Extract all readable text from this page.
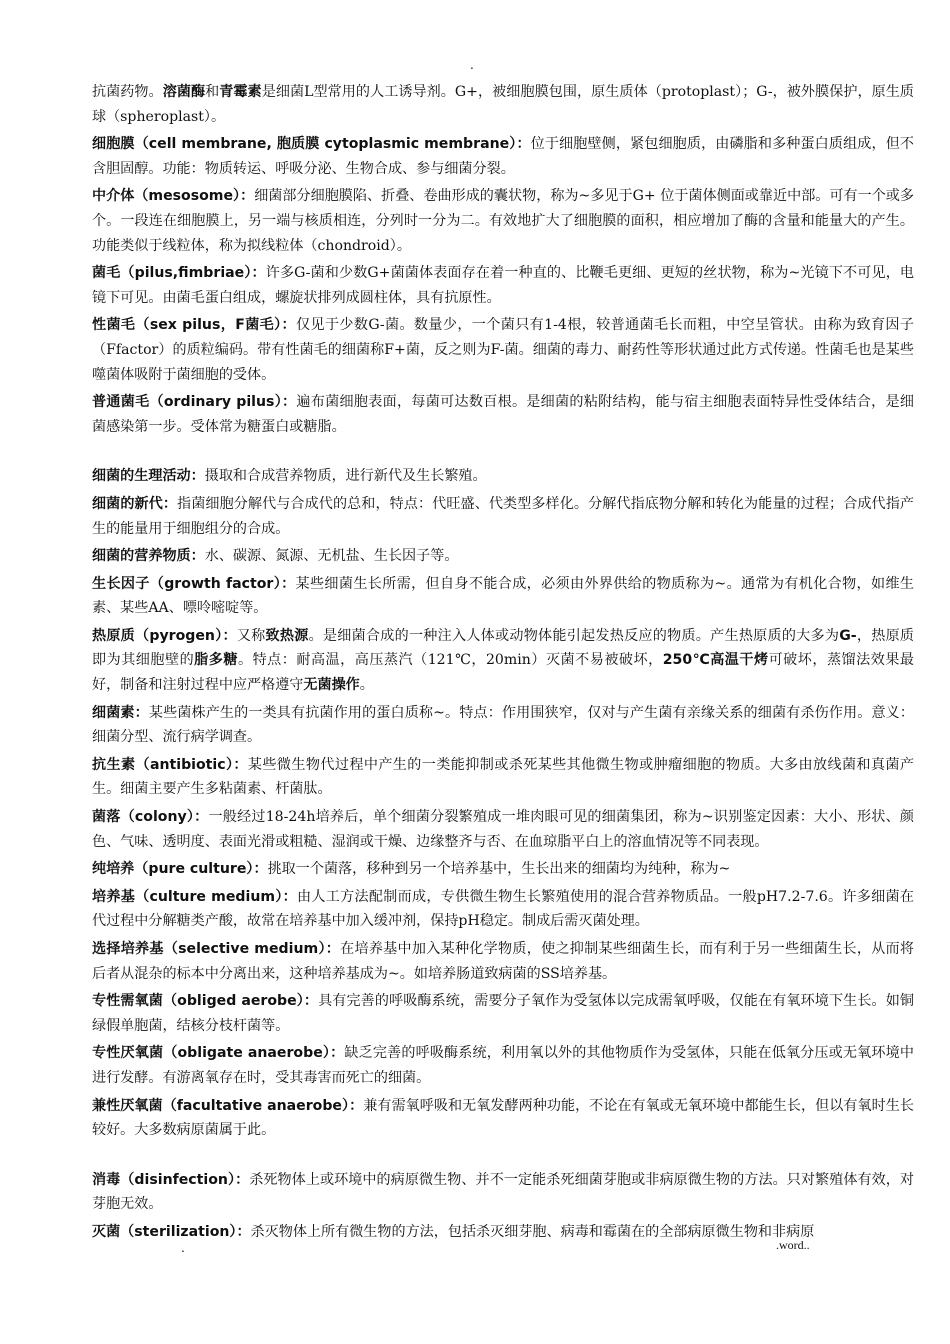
.

抗菌药物。溶菌酶和青霉素是细菌L型常用的人工诱导剂。G+，被细胞膜包围，原生质体（protoplast）；G-，被外膜保护，原生质球（spheroplast）。

细胞膜（cell membrane, 胞质膜 cytoplasmic membrane）：位于细胞壁侧，紧包细胞质，由磷脂和多种蛋白质组成，但不含胆固醇。功能：物质转运、呼吸分泌、生物合成、参与细菌分裂。

中介体（mesosome）：细菌部分细胞膜陷、折叠、卷曲形成的囊状物，称为~多见于G+ 位于菌体侧面或靠近中部。可有一个或多个。一段连在细胞膜上，另一端与核质相连，分列时一分为二。有效地扩大了细胞膜的面积，相应增加了酶的含量和能量大的产生。功能类似于线粒体，称为拟线粒体（chondroid）。

菌毛（pilus,fimbriae）：许多G-菌和少数G+菌菌体表面存在着一种直的、比鞭毛更细、更短的丝状物，称为~光镜下不可见，电镜下可见。由菌毛蛋白组成，螺旋状排列成圆柱体，具有抗原性。

性菌毛（sex pilus，F菌毛）：仅见于少数G-菌。数量少，一个菌只有1-4根，较普通菌毛长而粗，中空呈管状。由称为致育因子（Ffactor）的质粒编码。带有性菌毛的细菌称F+菌，反之则为F-菌。细菌的毒力、耐药性等形状通过此方式传递。性菌毛也是某些噬菌体吸附于菌细胞的受体。

普通菌毛（ordinary pilus）：遍布菌细胞表面，每菌可达数百根。是细菌的粘附结构，能与宿主细胞表面特异性受体结合，是细菌感染第一步。受体常为糖蛋白或糖脂。

细菌的生理活动：摄取和合成营养物质，进行新代及生长繁殖。

细菌的新代：指菌细胞分解代与合成代的总和，特点：代旺盛、代类型多样化。分解代指底物分解和转化为能量的过程；合成代指产生的能量用于细胞组分的合成。

细菌的营养物质：水、碳源、氮源、无机盐、生长因子等。

生长因子（growth factor）：某些细菌生长所需，但自身不能合成，必须由外界供给的物质称为~。通常为有机化合物，如维生素、某些AA、嘌呤嘧啶等。

热原质（pyrogen）：又称致热源。是细菌合成的一种注入人体或动物体能引起发热反应的物质。产生热原质的大多为G-，热原质即为其细胞壁的脂多糖。特点：耐高温，高压蒸汽（121℃，20min）灭菌不易被破坏，250℃高温干烤可破坏，蒸馏法效果最好，制备和注射过程中应严格遵守无菌操作。

细菌素：某些菌株产生的一类具有抗菌作用的蛋白质称~。特点：作用围狭窄，仅对与产生菌有亲缘关系的细菌有杀伤作用。意义：细菌分型、流行病学调查。

抗生素（antibiotic）：某些微生物代过程中产生的一类能抑制或杀死某些其他微生物或肿瘤细胞的物质。大多由放线菌和真菌产生。细菌主要产生多粘菌素、杆菌肽。

菌落（colony）：一般经过18-24h培养后，单个细菌分裂繁殖成一堆肉眼可见的细菌集团，称为~识别鉴定因素：大小、形状、颜色、气味、透明度、表面光滑或粗糙、湿润或干燥、边缘整齐与否、在血琼脂平白上的溶血情况等不同表现。

纯培养（pure culture）：挑取一个菌落，移种到另一个培养基中，生长出来的细菌均为纯种，称为~

培养基（culture medium）：由人工方法配制而成，专供微生物生长繁殖使用的混合营养物质品。一般pH7.2-7.6。许多细菌在代过程中分解糖类产酸，故常在培养基中加入缓冲剂，保持pH稳定。制成后需灭菌处理。

选择培养基（selective medium）：在培养基中加入某种化学物质，使之抑制某些细菌生长，而有利于另一些细菌生长，从而将后者从混杂的标本中分离出来，这种培养基成为~。如培养肠道致病菌的SS培养基。

专性需氧菌（obliged aerobe）：具有完善的呼吸酶系统，需要分子氧作为受氢体以完成需氧呼吸，仅能在有氧环境下生长。如铜绿假单胞菌，结核分枝杆菌等。

专性厌氧菌（obligate anaerobe）：缺乏完善的呼吸酶系统，利用氧以外的其他物质作为受氢体，只能在低氧分压或无氧环境中进行发酵。有游离氧存在时，受其毒害而死亡的细菌。

兼性厌氧菌（facultative anaerobe）：兼有需氧呼吸和无氧发酵两种功能，不论在有氧或无氧环境中都能生长，但以有氧时生长较好。大多数病原菌属于此。

消毒（disinfection）：杀死物体上或环境中的病原微生物、并不一定能杀死细菌芽胞或非病原微生物的方法。只对繁殖体有效，对芽胞无效。

灭菌（sterilization）：杀灭物体上所有微生物的方法，包括杀灭细芽胞、病毒和霉菌在的全部病原微生物和非病原

.	.word..
